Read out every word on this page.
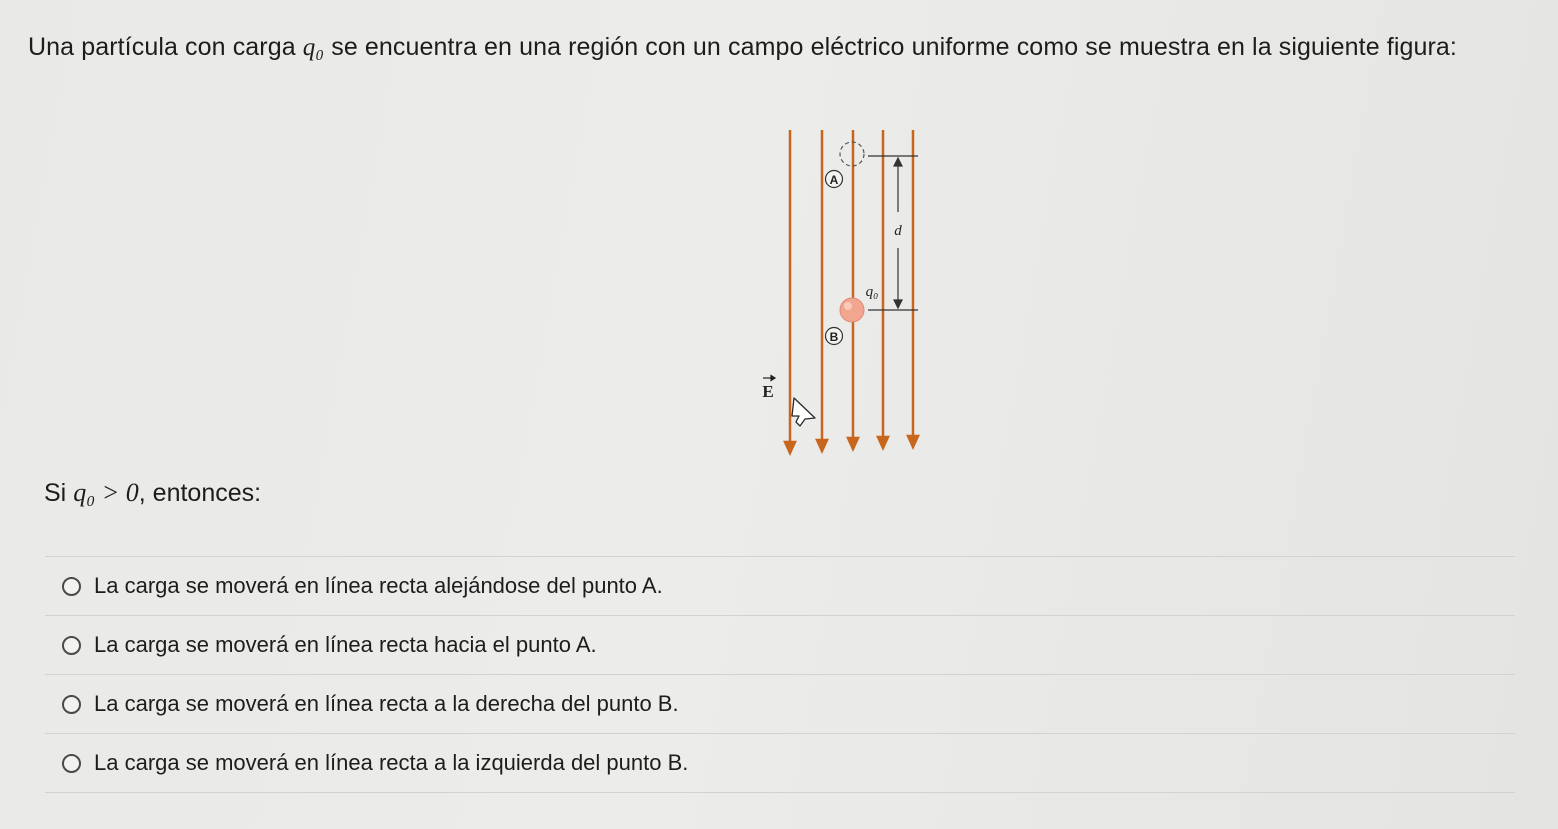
Una partícula con carga q₀ se encuentra en una región con un campo eléctrico uniforme como se muestra en la siguiente figura:
A
d
q₀
B
E
Si q₀ > 0, entonces:
La carga se moverá en línea recta alejándose del punto A.
La carga se moverá en línea recta hacia el punto A.
La carga se moverá en línea recta a la derecha del punto B.
La carga se moverá en línea recta a la izquierda del punto B.
